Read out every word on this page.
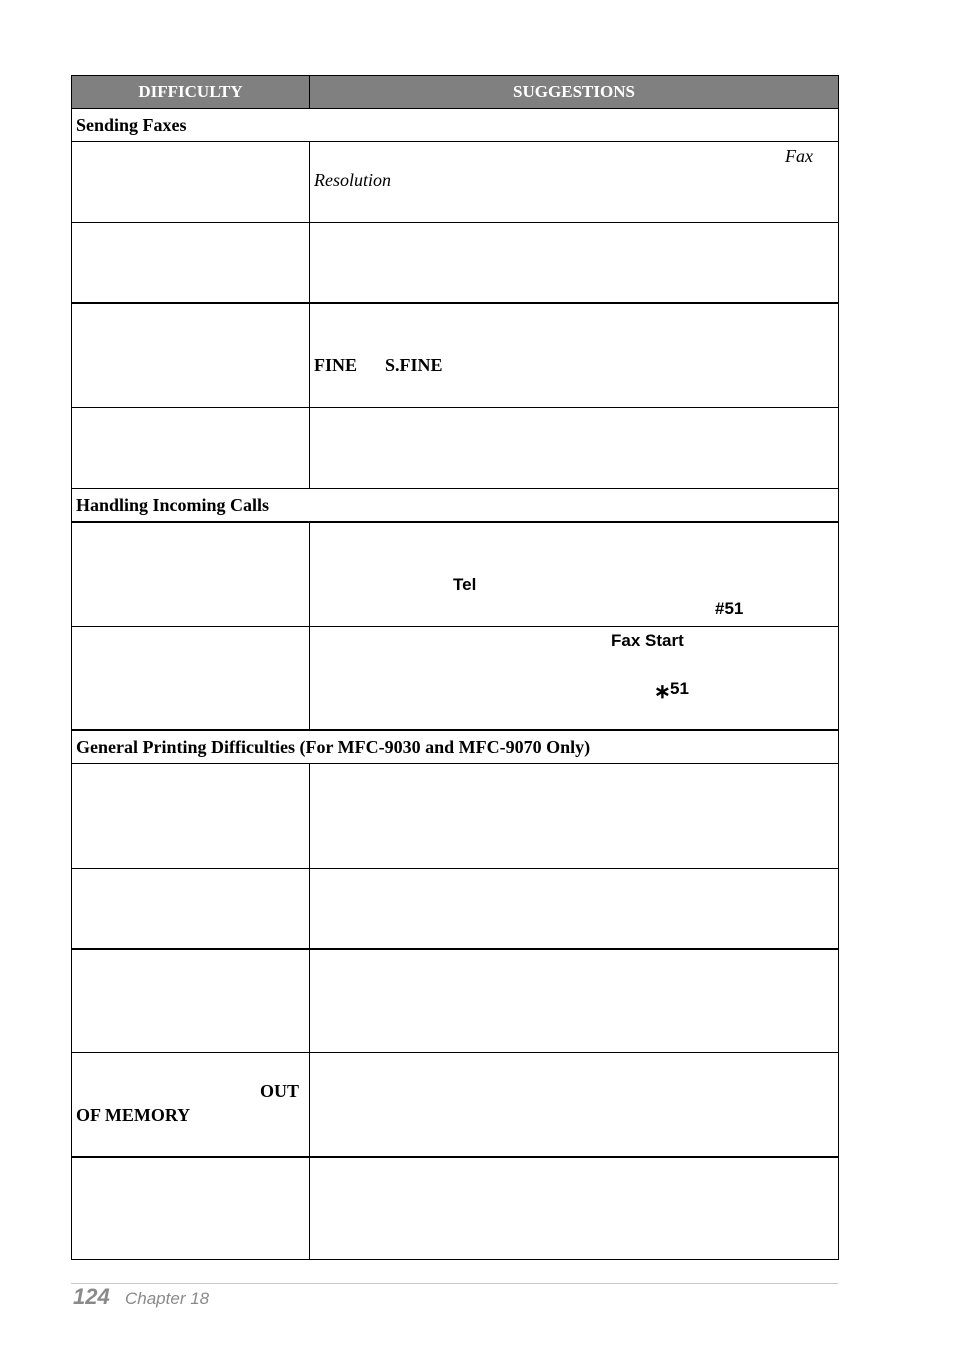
DIFFICULTY	SUGGESTIONS
Sending Faxes	

	Fax
Resolution

	FINE S.FINE

Handling Incoming Calls	

	Tel
#51

	Fax Start
∗ 51

General Printing Difficulties (For MFC-9030 and MFC-9070 Only)	

OUT
OF MEMORY	

124 Chapter 18
